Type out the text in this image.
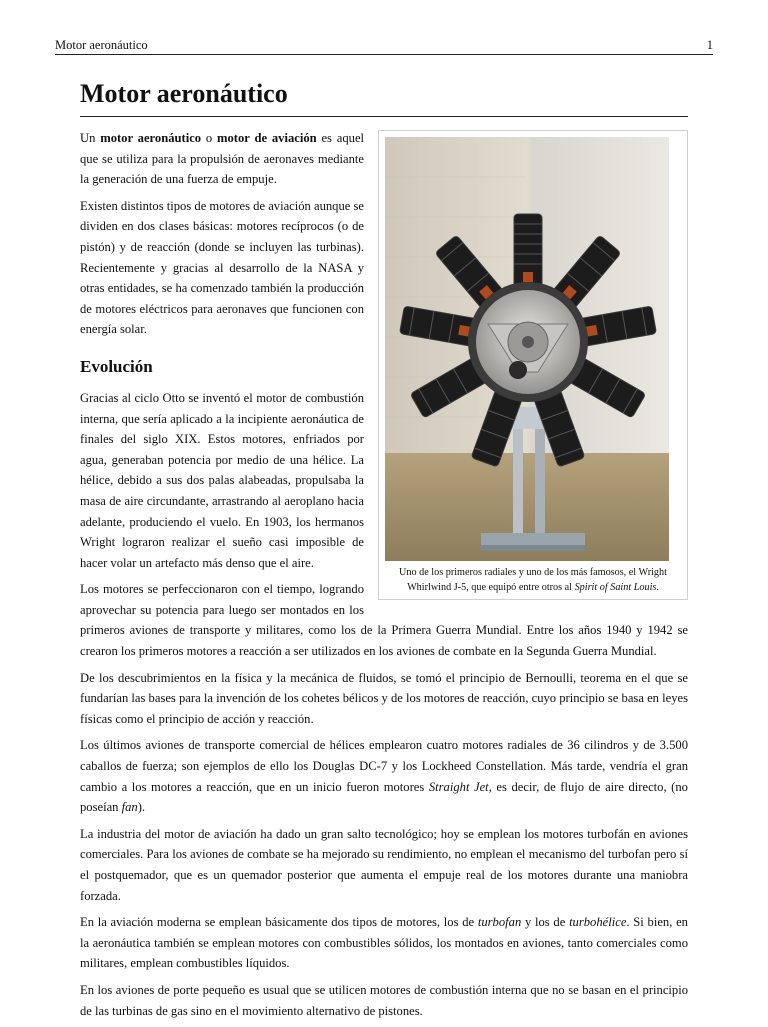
Motor aeronáutico	1
Motor aeronáutico
Uno de los primeros radiales y uno de los más famosos, el Wright Whirlwind J-5, que equipó entre otros al Spirit of Saint Louis.

Un motor aeronáutico o motor de aviación es aquel que se utiliza para la propulsión de aeronaves mediante la generación de una fuerza de empuje.

Existen distintos tipos de motores de aviación aunque se dividen en dos clases básicas: motores recíprocos (o de pistón) y de reacción (donde se incluyen las turbinas). Recientemente y gracias al desarrollo de la NASA y otras entidades, se ha comenzado también la producción de motores eléctricos para aeronaves que funcionen con energía solar.

Evolución

Gracias al ciclo Otto se inventó el motor de combustión interna, que sería aplicado a la incipiente aeronáutica de finales del siglo XIX. Estos motores, enfriados por agua, generaban potencia por medio de una hélice. La hélice, debido a sus dos palas alabeadas, propulsaba la masa de aire circundante, arrastrando al aeroplano hacia adelante, produciendo el vuelo. En 1903, los hermanos Wright lograron realizar el sueño casi imposible de hacer volar un artefacto más denso que el aire.

Los motores se perfeccionaron con el tiempo, logrando aprovechar su potencia para luego ser montados en los primeros aviones de transporte y militares, como los de la Primera Guerra Mundial. Entre los años 1940 y 1942 se crearon los primeros motores a reacción a ser utilizados en los aviones de combate en la Segunda Guerra Mundial.

De los descubrimientos en la física y la mecánica de fluidos, se tomó el principio de Bernoulli, teorema en el que se fundarían las bases para la invención de los cohetes bélicos y de los motores de reacción, cuyo principio se basa en leyes físicas como el principio de acción y reacción.

Los últimos aviones de transporte comercial de hélices emplearon cuatro motores radiales de 36 cilindros y de 3.500 caballos de fuerza; son ejemplos de ello los Douglas DC-7 y los Lockheed Constellation. Más tarde, vendría el gran cambio a los motores a reacción, que en un inicio fueron motores Straight Jet, es decir, de flujo de aire directo, (no poseían fan).

La industria del motor de aviación ha dado un gran salto tecnológico; hoy se emplean los motores turbofán en aviones comerciales. Para los aviones de combate se ha mejorado su rendimiento, no emplean el mecanismo del turbofan pero sí el postquemador, que es un quemador posterior que aumenta el empuje real de los motores durante una maniobra forzada.

En la aviación moderna se emplean básicamente dos tipos de motores, los de turbofan y los de turbohélice. Si bien, en la aeronáutica también se emplean motores con combustibles sólidos, los montados en aviones, tanto comerciales como militares, emplean combustibles líquidos.

En los aviones de porte pequeño es usual que se utilicen motores de combustión interna que no se basan en el principio de las turbinas de gas sino en el movimiento alternativo de pistones.
